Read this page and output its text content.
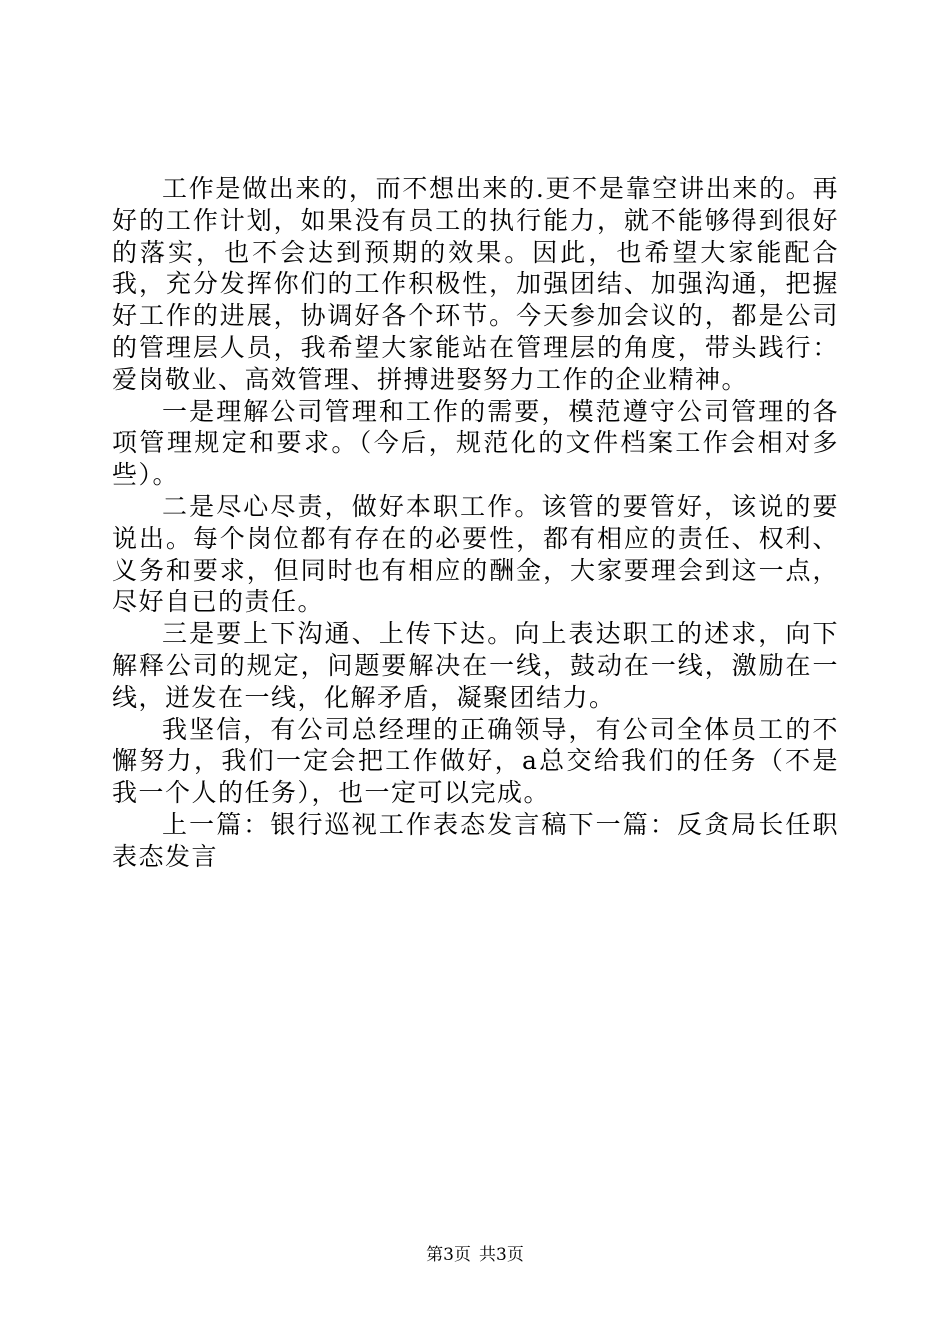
工作是做出来的，而不想出来的.更不是靠空讲出来的。再好的工作计划，如果没有员工的执行能力，就不能够得到很好的落实，也不会达到预期的效果。因此，也希望大家能配合我，充分发挥你们的工作积极性，加强团结、加强沟通，把握好工作的进展，协调好各个环节。今天参加会议的，都是公司的管理层人员，我希望大家能站在管理层的角度，带头践行：爱岗敬业、高效管理、拼搏进娶努力工作的企业精神。

一是理解公司管理和工作的需要，模范遵守公司管理的各项管理规定和要求。（今后，规范化的文件档案工作会相对多些）。

二是尽心尽责，做好本职工作。该管的要管好，该说的要说出。每个岗位都有存在的必要性，都有相应的责任、权利、义务和要求，但同时也有相应的酬金，大家要理会到这一点，尽好自已的责任。

三是要上下沟通、上传下达。向上表达职工的述求，向下解释公司的规定，问题要解决在一线，鼓动在一线，激励在一线，迸发在一线，化解矛盾，凝聚团结力。

我坚信，有公司总经理的正确领导，有公司全体员工的不懈努力，我们一定会把工作做好，a总交给我们的任务（不是我一个人的任务），也一定可以完成。

上一篇：银行巡视工作表态发言稿下一篇：反贪局长任职表态发言

第3页 共3页
